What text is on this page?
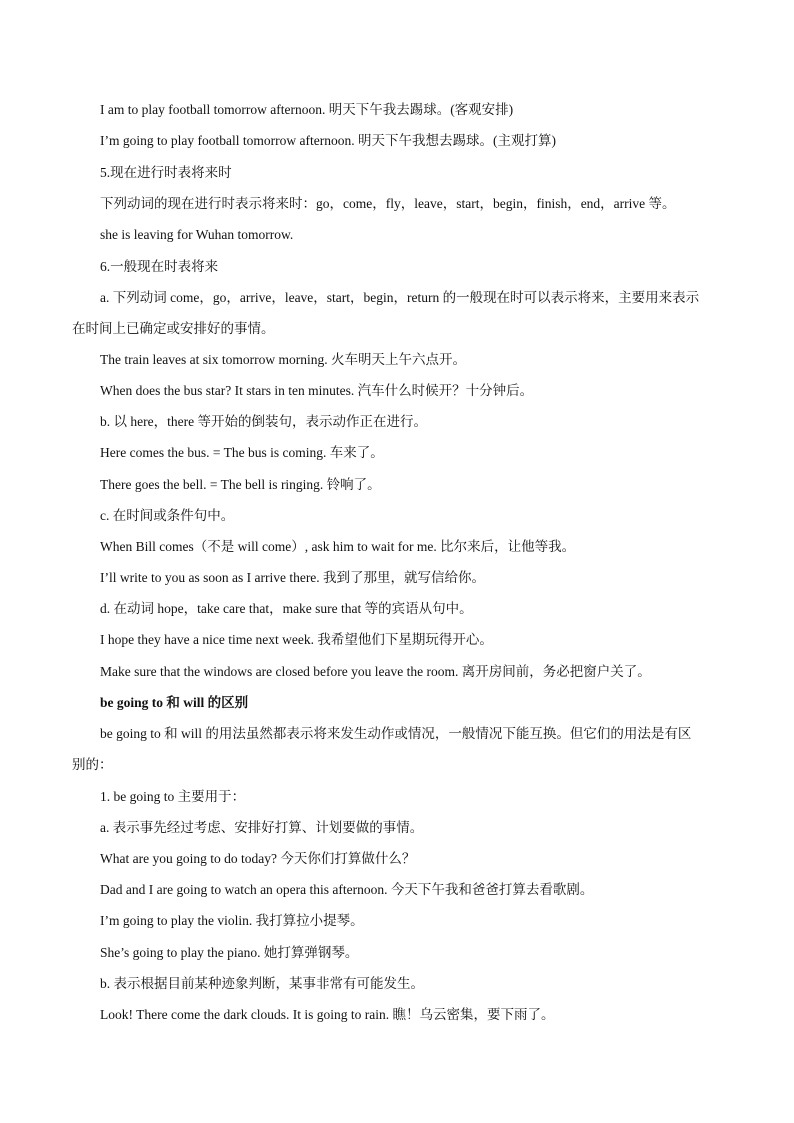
I am to play football tomorrow afternoon. 明天下午我去踢球。(客观安排)
I’m going to play football tomorrow afternoon. 明天下午我想去踢球。(主观打算)
5.现在进行时表将来时
下列动词的现在进行时表示将来时：go，come，fly，leave，start，begin，finish，end，arrive 等。
she is leaving for Wuhan tomorrow.
6.一般现在时表将来
a. 下列动词 come，go，arrive，leave，start，begin，return 的一般现在时可以表示将来，主要用来表示
在时间上已确定或安排好的事情。
The train leaves at six tomorrow morning. 火车明天上午六点开。
When does the bus star? It stars in ten minutes. 汽车什么时候开？十分钟后。
b. 以 here，there 等开始的倒装句，表示动作正在进行。
Here comes the bus. = The bus is coming. 车来了。
There goes the bell. = The bell is ringing. 铃响了。
c. 在时间或条件句中。
When Bill comes（不是 will come）, ask him to wait for me. 比尔来后，让他等我。
I’ll write to you as soon as I arrive there. 我到了那里，就写信给你。
d. 在动词 hope，take care that，make sure that 等的宾语从句中。
I hope they have a nice time next week. 我希望他们下星期玩得开心。
Make sure that the windows are closed before you leave the room. 离开房间前，务必把窗户关了。
be going to 和 will 的区别
be going to 和 will 的用法虽然都表示将来发生动作或情况，一般情况下能互换。但它们的用法是有区
别的：
1. be going to 主要用于：
a. 表示事先经过考虑、安排好打算、计划要做的事情。
What are you going to do today? 今天你们打算做什么？
Dad and I are going to watch an opera this afternoon. 今天下午我和爸爸打算去看歌剧。
I’m going to play the violin. 我打算拉小提琴。
She’s going to play the piano. 她打算弹钢琴。
b. 表示根据目前某种迹象判断，某事非常有可能发生。
Look! There come the dark clouds. It is going to rain. 瞧！乌云密集，要下雨了。
